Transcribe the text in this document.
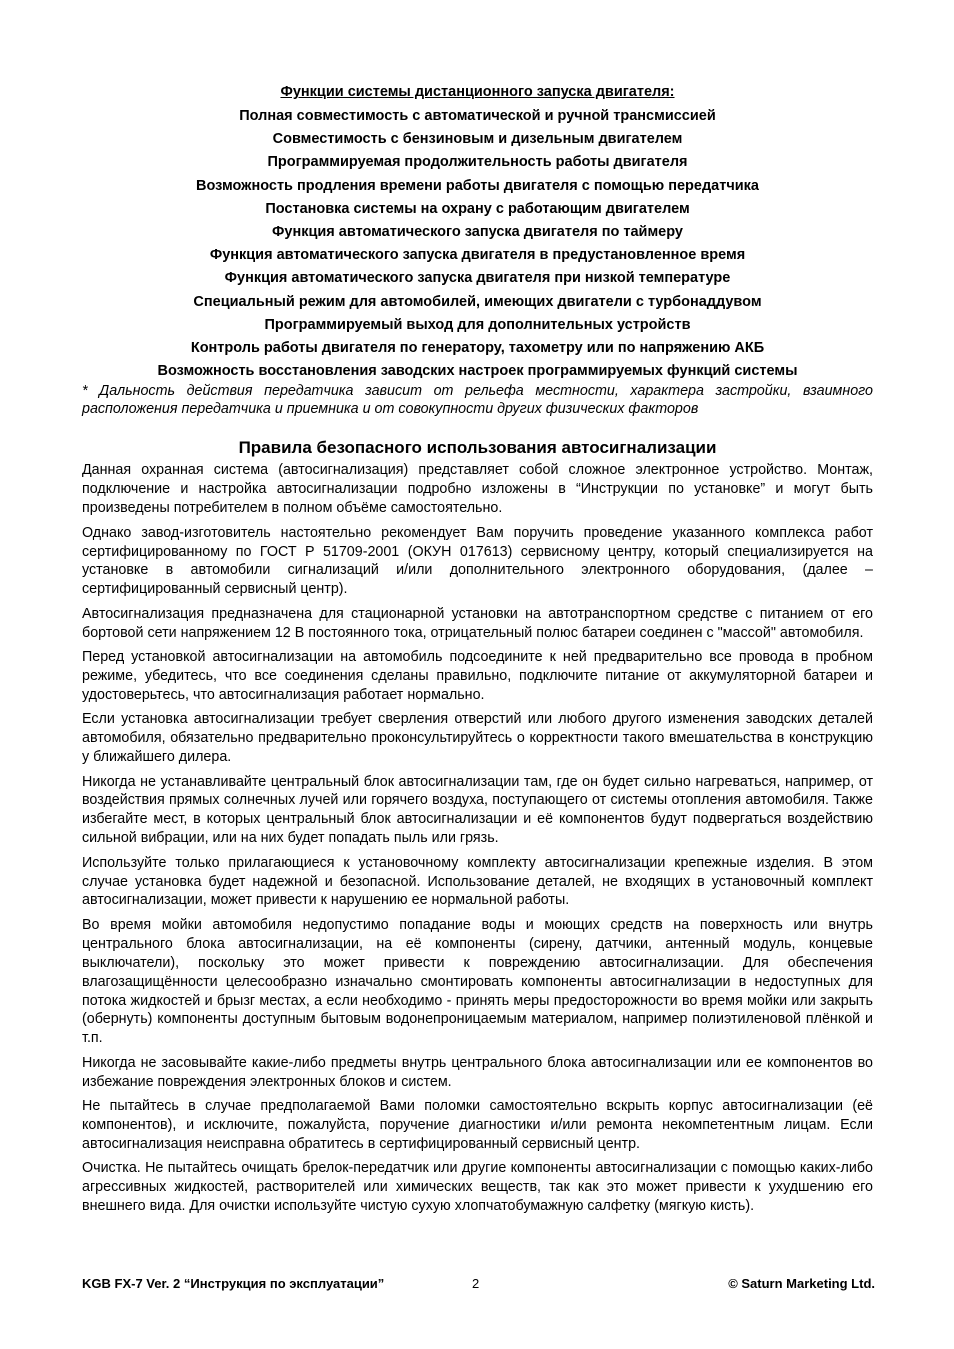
Функции системы дистанционного запуска двигателя:
Полная совместимость с автоматической и ручной трансмиссией
Совместимость с бензиновым и дизельным двигателем
Программируемая продолжительность работы двигателя
Возможность продления времени работы двигателя с помощью передатчика
Постановка системы на охрану с работающим двигателем
Функция автоматического запуска двигателя по таймеру
Функция автоматического запуска двигателя в предустановленное время
Функция автоматического запуска двигателя при низкой температуре
Специальный режим для автомобилей, имеющих двигатели с турбонаддувом
Программируемый выход для дополнительных устройств
Контроль работы двигателя по генератору, тахометру или по напряжению АКБ
Возможность восстановления заводских настроек программируемых функций системы

* Дальность действия передатчика зависит от рельефа местности, характера застройки, взаимного расположения передатчика и приемника и от совокупности других физических факторов

Правила безопасного использования автосигнализации

Данная охранная система (автосигнализация) представляет собой сложное электронное устройство. Монтаж, подключение и настройка автосигнализации подробно изложены в “Инструкции по установке” и могут быть произведены потребителем в полном объёме самостоятельно.

Однако завод-изготовитель настоятельно рекомендует Вам поручить проведение указанного комплекса работ сертифицированному по ГОСТ Р 51709-2001 (ОКУН 017613) сервисному центру, который специализируется на установке в автомобили сигнализаций и/или дополнительного электронного оборудования, (далее – сертифицированный сервисный центр).

Автосигнализация предназначена для стационарной установки на автотранспортном средстве с питанием от его бортовой сети напряжением 12 В постоянного тока, отрицательный полюс батареи соединен с "массой" автомобиля.

Перед установкой автосигнализации на автомобиль подсоедините к ней предварительно все провода в пробном режиме, убедитесь, что все соединения сделаны правильно, подключите питание от аккумуляторной батареи и удостоверьтесь, что автосигнализация работает нормально.

Если установка автосигнализации требует сверления отверстий или любого другого изменения заводских деталей автомобиля, обязательно предварительно проконсультируйтесь о корректности такого вмешательства в конструкцию у ближайшего дилера.

Никогда не устанавливайте центральный блок автосигнализации там, где он будет сильно нагреваться, например, от воздействия прямых солнечных лучей или горячего воздуха, поступающего от системы отопления автомобиля. Также избегайте мест, в которых центральный блок автосигнализации и её компонентов будут подвергаться воздействию сильной вибрации, или на них будет попадать пыль или грязь.

Используйте только прилагающиеся к установочному комплекту автосигнализации крепежные изделия. В этом случае установка будет надежной и безопасной. Использование деталей, не входящих в установочный комплект автосигнализации, может привести к нарушению ее нормальной работы.

Во время мойки автомобиля недопустимо попадание воды и моющих средств на поверхность или внутрь центрального блока автосигнализации, на её компоненты (сирену, датчики, антенный модуль, концевые выключатели), поскольку это может привести к повреждению автосигнализации. Для обеспечения влагозащищённости целесообразно изначально смонтировать компоненты автосигнализации в недоступных для потока жидкостей и брызг местах, а если необходимо - принять меры предосторожности во время мойки или закрыть (обернуть) компоненты доступным бытовым водонепроницаемым материалом, например полиэтиленовой плёнкой и т.п.

Никогда не засовывайте какие-либо предметы внутрь центрального блока автосигнализации или ее компонентов во избежание повреждения электронных блоков и систем.

Не пытайтесь в случае предполагаемой Вами поломки самостоятельно вскрыть корпус автосигнализации (её компонентов), и исключите, пожалуйста, поручение диагностики и/или ремонта некомпетентным лицам. Если автосигнализация неисправна обратитесь в сертифицированный сервисный центр.

Очистка. Не пытайтесь очищать брелок-передатчик или другие компоненты автосигнализации с помощью каких-либо агрессивных жидкостей, растворителей или химических веществ, так как это может привести к ухудшению его внешнего вида. Для очистки используйте чистую сухую хлопчатобумажную салфетку (мягкую кисть).

KGB FX-7 Ver. 2 “Инструкция по эксплуатации”	2	© Saturn Marketing Ltd.
